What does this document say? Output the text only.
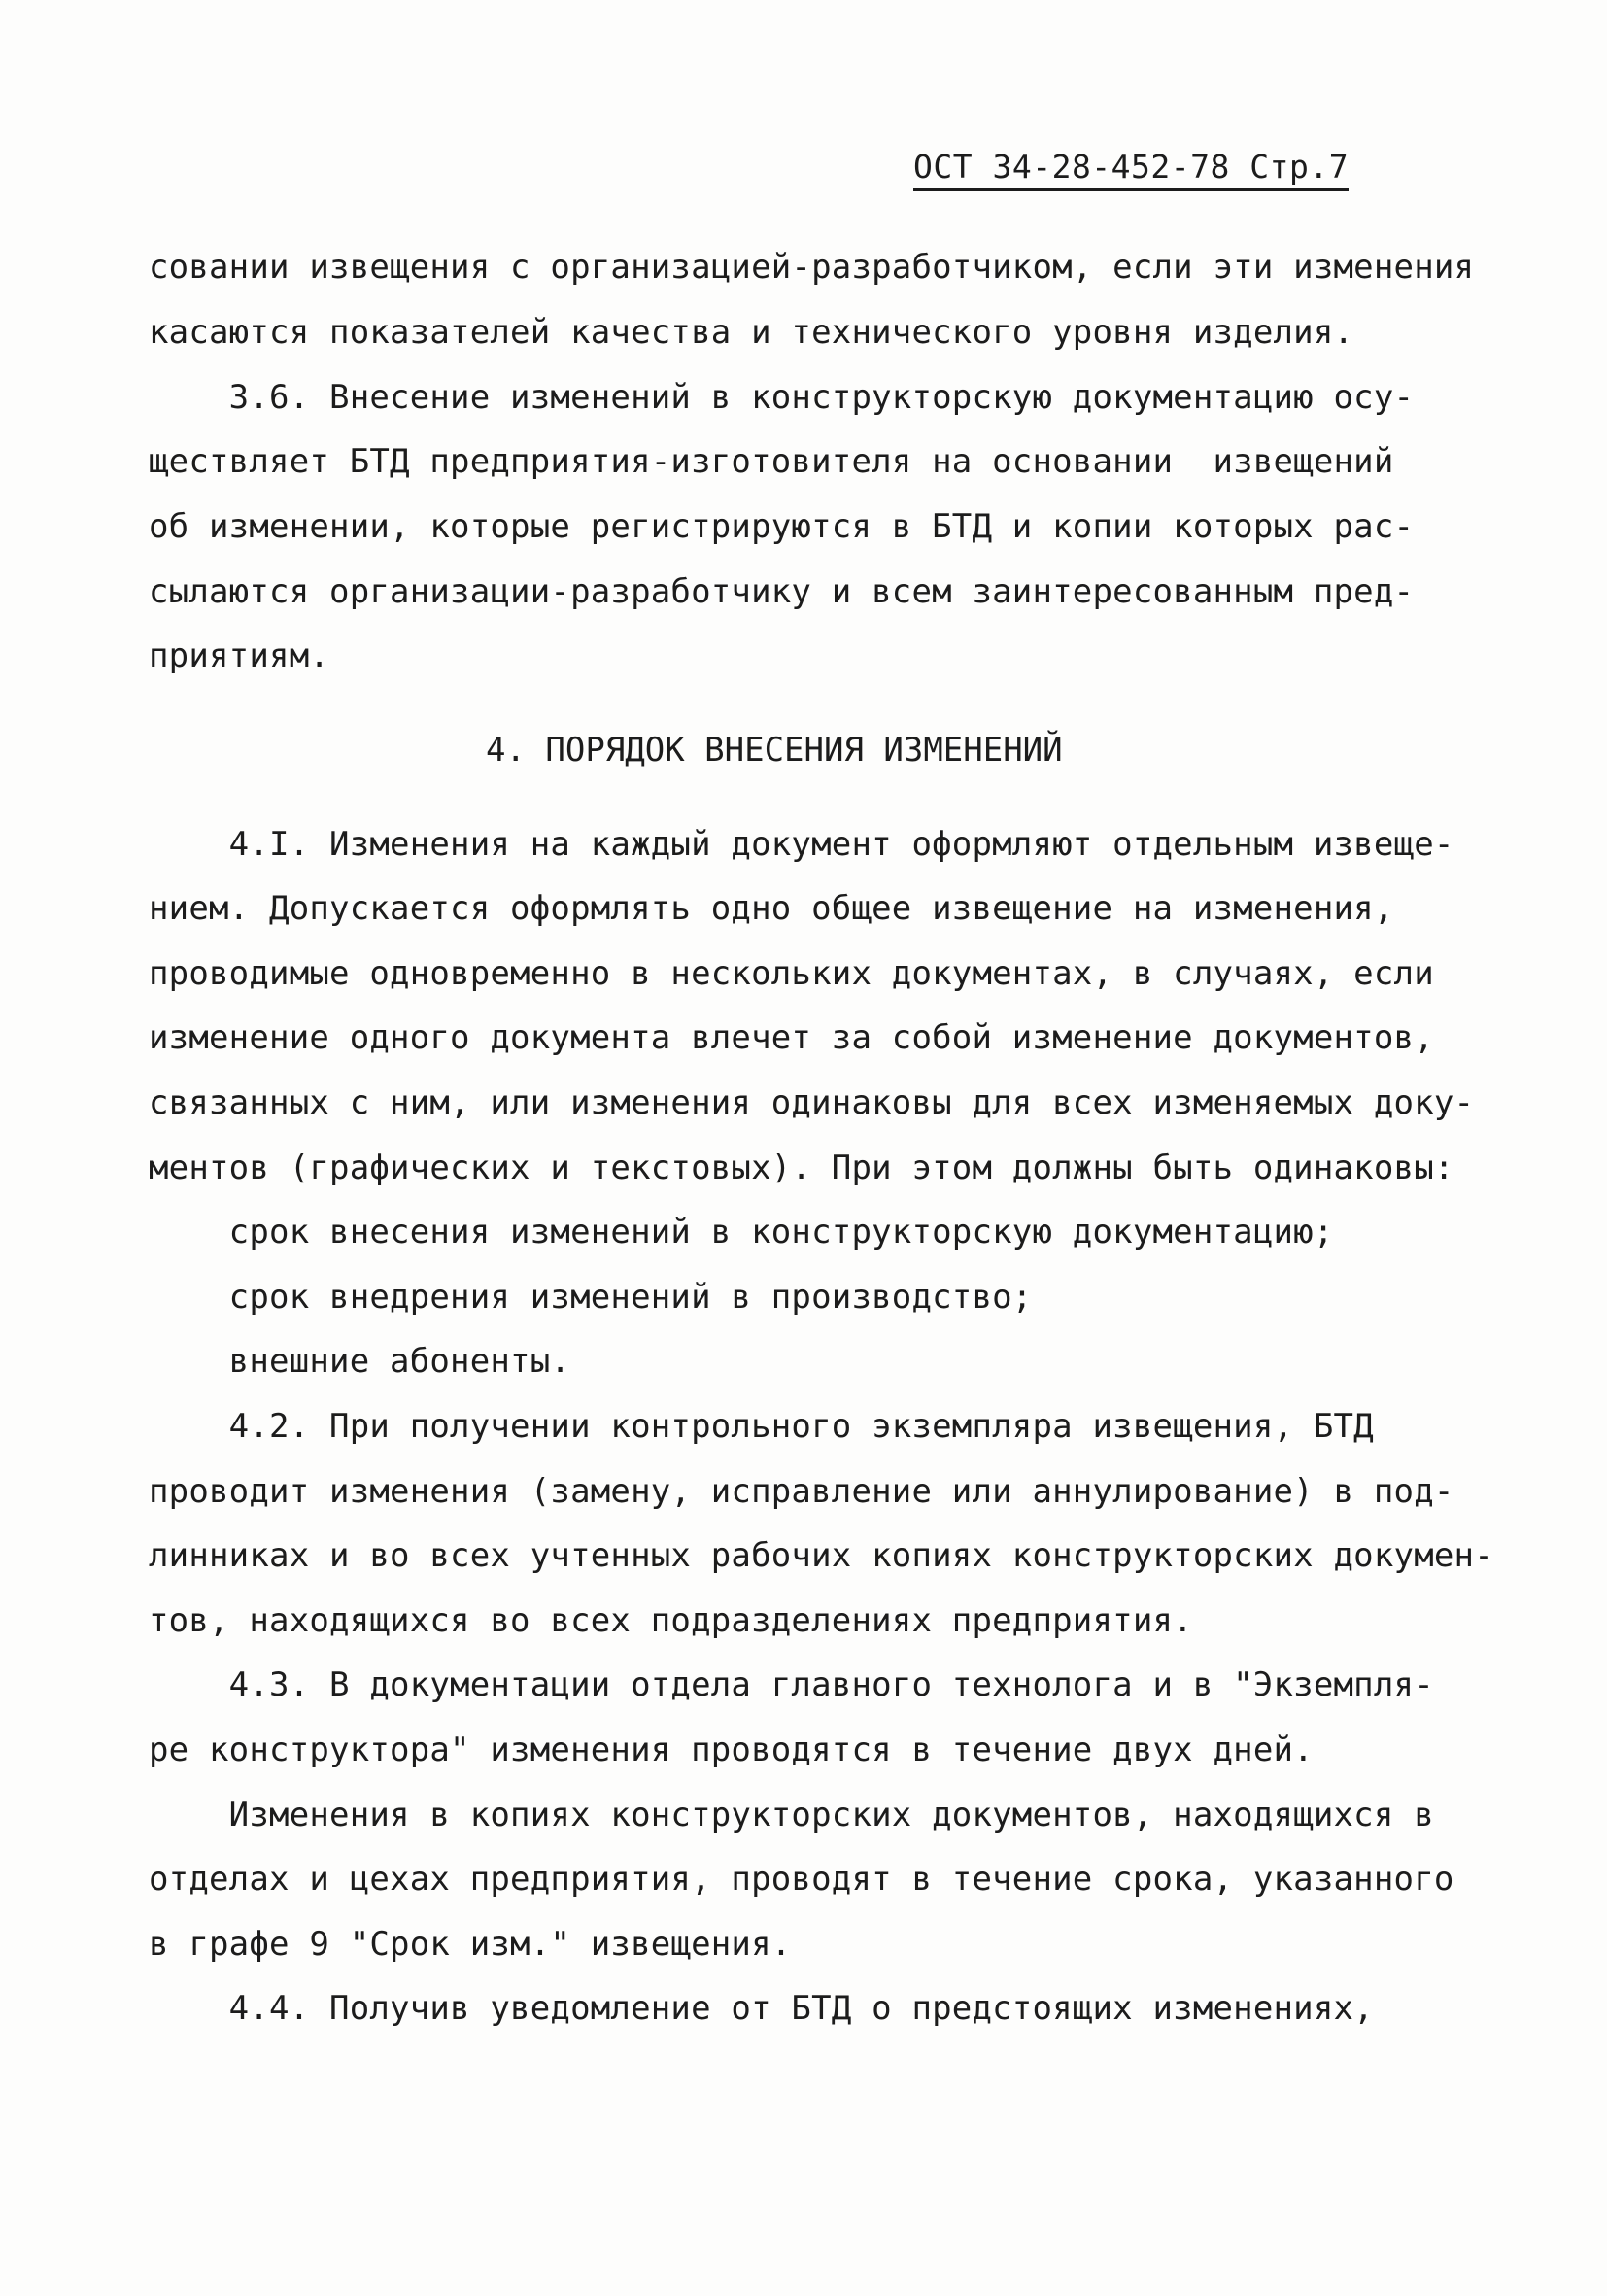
ОСТ 34-28-452-78 Стр.7
совании извещения с организацией-разработчиком, если эти изменения
касаются показателей качества и технического уровня изделия.
3.6. Внесение изменений в конструкторскую документацию осу-
ществляет БТД предприятия-изготовителя на основании  извещений
об изменении, которые регистрируются в БТД и копии которых рас-
сылаются организации-разработчику и всем заинтересованным пред-
приятиям.
4. ПОРЯДОК ВНЕСЕНИЯ ИЗМЕНЕНИЙ
4.I. Изменения на каждый документ оформляют отдельным извеще-
нием. Допускается оформлять одно общее извещение на изменения,
проводимые одновременно в нескольких документах, в случаях, если
изменение одного документа влечет за собой изменение документов,
связанных с ним, или изменения одинаковы для всех изменяемых доку-
ментов (графических и текстовых). При этом должны быть одинаковы:
срок внесения изменений в конструкторскую документацию;
срок внедрения изменений в производство;
внешние абоненты.
4.2. При получении контрольного экземпляра извещения, БТД
проводит изменения (замену, исправление или аннулирование) в под-
линниках и во всех учтенных рабочих копиях конструкторских докумен-
тов, находящихся во всех подразделениях предприятия.
4.3. В документации отдела главного технолога и в "Экземпля-
ре конструктора" изменения проводятся в течение двух дней.
Изменения в копиях конструкторских документов, находящихся в
отделах и цехах предприятия, проводят в течение срока, указанного
в графе 9 "Срок изм." извещения.
4.4. Получив уведомление от БТД о предстоящих изменениях,
